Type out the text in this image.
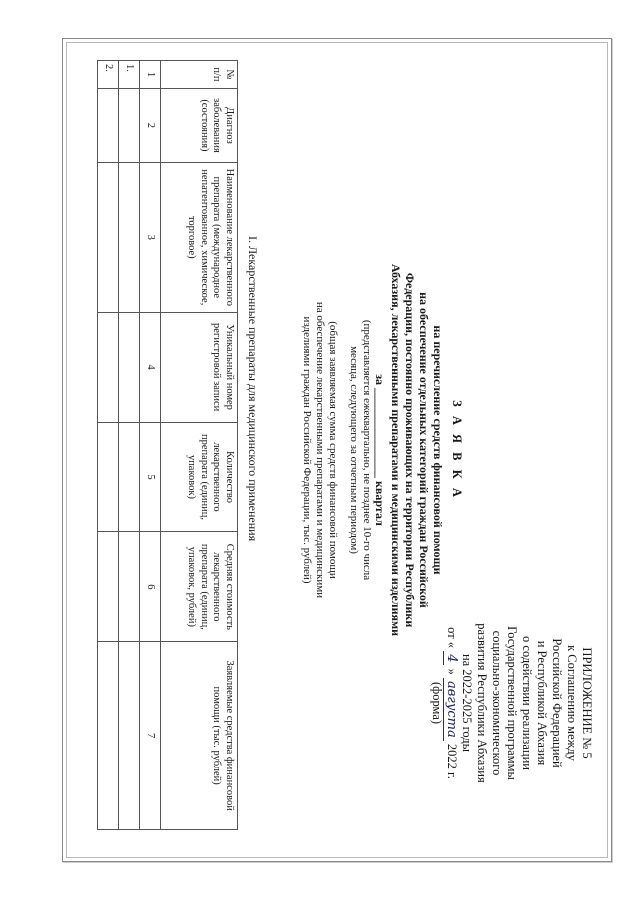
ПРИЛОЖЕНИЕ № 5
к Соглашению между
Российской Федерацией
и Республикой Абхазия
о содействии реализации
Государственной программы
социально-экономического
развития Республики Абхазия
на 2022-2025 годы
от « 4 » августа 2022 г.
(форма)
З А Я В К А
на перечисление средств финансовой помощи
на обеспечение отдельных категорий граждан Российской
Федерации, постоянно проживающих на территории Республики
Абхазия, лекарственными препаратами и медицинскими изделиями
за _______________ квартал
(представляется ежеквартально, не позднее 10-го числа
месяца, следующего за отчетным периодом)
(общая заявляемая сумма средств финансовой помощи
на обеспечение лекарственными препаратами и медицинскими
изделиями граждан Российской Федерации, тыс. рублей)
I. Лекарственные препараты для медицинского применения
№ п/п	Диагноз заболевания (состояния)	Наименование лекарственного препарата (международное непатентованное, химическое, торговое)	Уникальный номер регистровой записи	Количество лекарственного препарата (единиц, упаковок)	Средняя стоимость лекарственного препарата (единиц, упаковок, рублей)	Заявляемые средства финансовой помощи (тыс. рублей)
1	2	3	4	5	6	7
1.						
2.						
